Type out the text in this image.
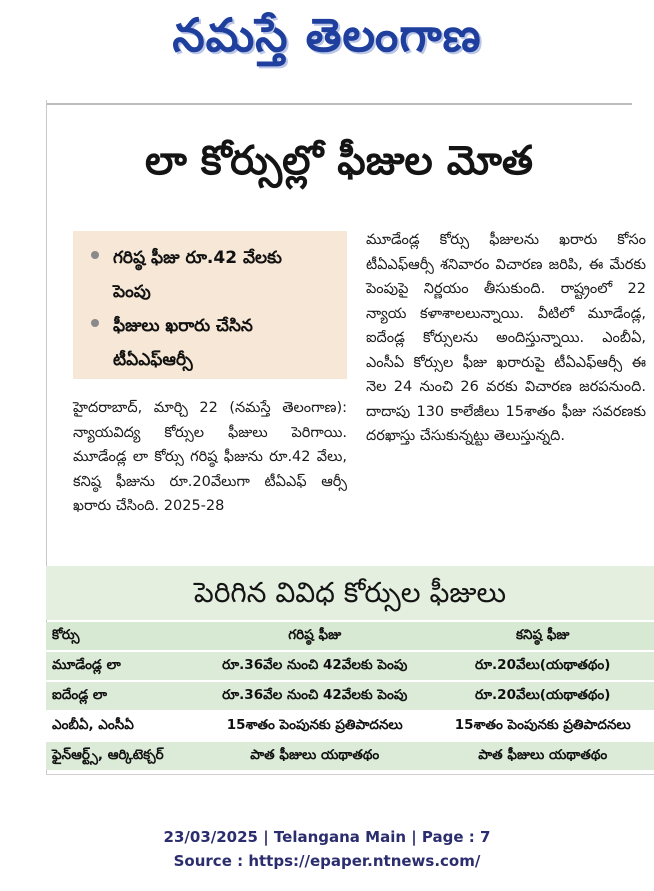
నమస్తే తెలంగాణ
లా కోర్సుల్లో ఫీజుల మోత
గరిష్ఠ ఫీజు రూ.42 వేలకు పెంపు
ఫీజులు ఖరారు చేసిన టీఏఎఫ్‌ఆర్సీ
హైదరాబాద్, మార్చి 22 (నమస్తే తెలంగాణ): న్యాయవిద్య కోర్సుల ఫీజులు పెరిగాయి. మూడేండ్ల లా కోర్సు గరిష్ఠ ఫీజును రూ.42 వేలు, కనిష్ఠ ఫీజును రూ.20వేలుగా టీఏఎఫ్ ఆర్సీ ఖరారు చేసింది. 2025-28
మూడేండ్ల కోర్సు ఫీజులను ఖరారు కోసం టీఏఎఫ్‌ఆర్సీ శనివారం విచారణ జరిపి, ఈ మేరకు పెంపుపై నిర్ణయం తీసుకుంది. రాష్ట్రంలో 22 న్యాయ కళాశాలలున్నాయి. వీటిలో మూడేండ్ల, ఐదేండ్ల కోర్సులను అందిస్తున్నాయి. ఎంబీఏ, ఎంసీఏ కోర్సుల ఫీజు ఖరారుపై టీఏఎఫ్‌ఆర్సీ ఈ నెల 24 నుంచి 26 వరకు విచారణ జరపనుంది. దాదాపు 130 కాలేజీలు 15శాతం ఫీజు సవరణకు దరఖాస్తు చేసుకున్నట్టు తెలుస్తున్నది.
పెరిగిన వివిధ కోర్సుల ఫీజులు
కోర్సు	గరిష్ఠ ఫీజు	కనిష్ఠ ఫీజు
మూడేండ్ల లా	రూ.36వేల నుంచి 42వేలకు పెంపు	రూ.20వేలు(యథాతథం)
ఐదేండ్ల లా	రూ.36వేల నుంచి 42వేలకు పెంపు	రూ.20వేలు(యథాతథం)
ఎంబీఏ, ఎంసీఏ	15శాతం పెంపునకు ప్రతిపాదనలు	15శాతం పెంపునకు ప్రతిపాదనలు
ఫైన్‌ఆర్ట్స్, ఆర్కిటెక్చర్	పాత ఫీజులు యథాతథం	పాత ఫీజులు యథాతథం
23/03/2025 | Telangana Main | Page : 7
Source : https://epaper.ntnews.com/
